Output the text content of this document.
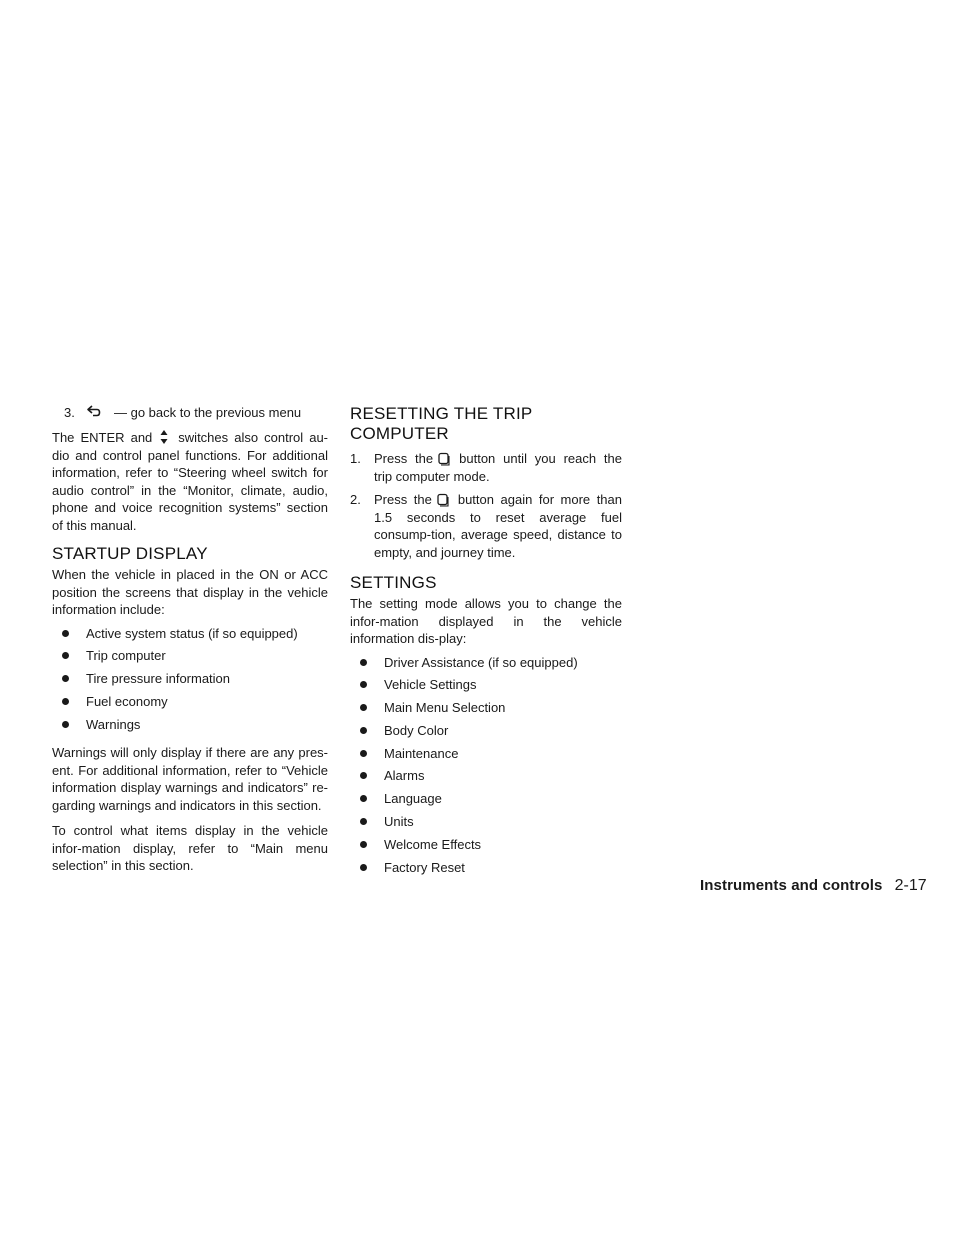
3.	— go back to the previous menu

The ENTER and switches also control au-dio and control panel functions. For additional information, refer to “Steering wheel switch for audio control” in the “Monitor, climate, audio, phone and voice recognition systems” section of this manual.

STARTUP DISPLAY

When the vehicle in placed in the ON or ACC position the screens that display in the vehicle information include:

Active system status (if so equipped)
Trip computer
Tire pressure information
Fuel economy
Warnings

Warnings will only display if there are any pres-ent. For additional information, refer to “Vehicle information display warnings and indicators” re-garding warnings and indicators in this section.

To control what items display in the vehicle infor-mation display, refer to “Main menu selection” in this section.

RESETTING THE TRIP COMPUTER
1. Press the button until you reach the trip computer mode.
2. Press the button again for more than 1.5 seconds to reset average fuel consump-tion, average speed, distance to empty, and journey time.
SETTINGS

The setting mode allows you to change the infor-mation displayed in the vehicle information dis-play:

Driver Assistance (if so equipped)
Vehicle Settings
Main Menu Selection
Body Color
Maintenance
Alarms
Language
Units
Welcome Effects
Factory Reset
Instruments and controls 2-17
